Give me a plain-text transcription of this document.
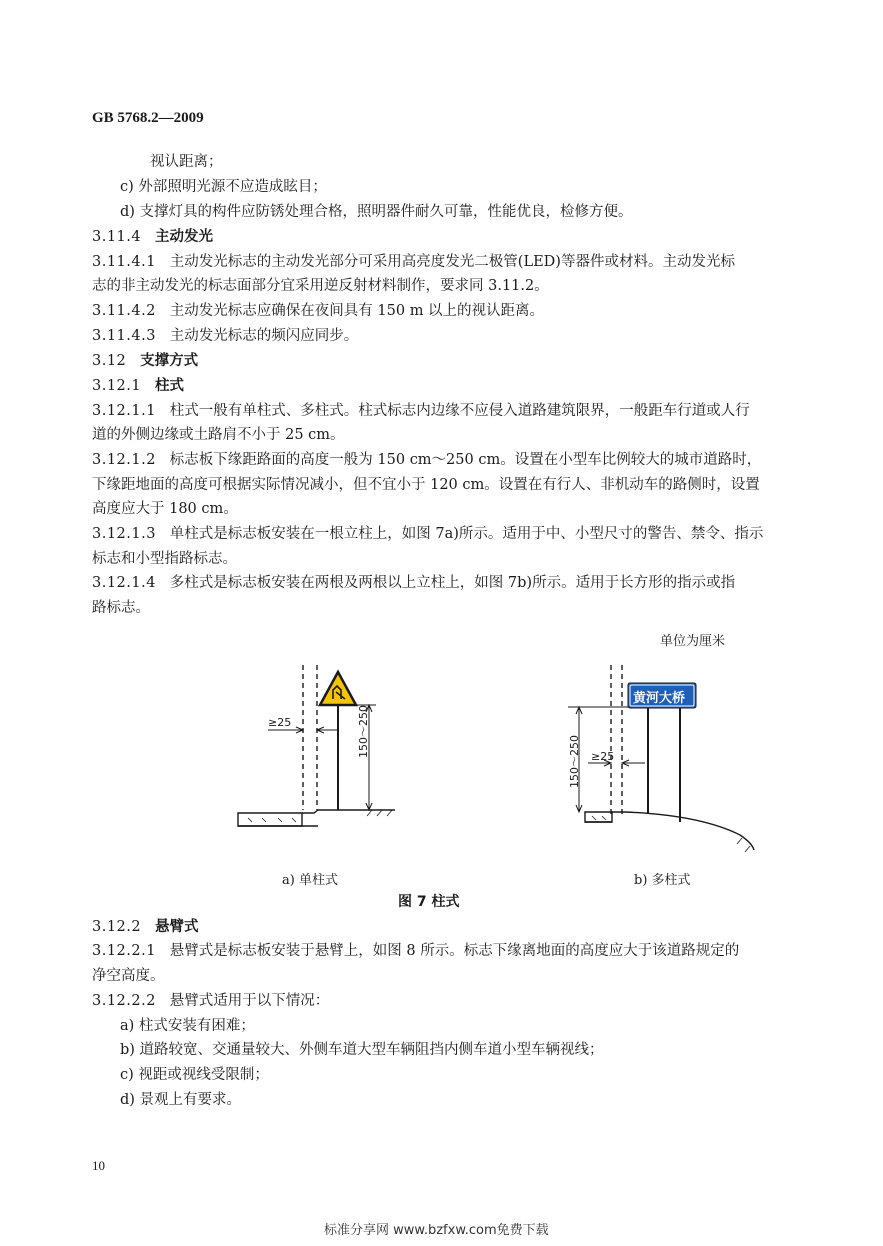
GB 5768.2—2009
视认距离；
c) 外部照明光源不应造成眩目；
d) 支撑灯具的构件应防锈处理合格，照明器件耐久可靠，性能优良，检修方便。
3.11.4 主动发光
3.11.4.1 主动发光标志的主动发光部分可采用高亮度发光二极管(LED)等器件或材料。主动发光标
志的非主动发光的标志面部分宜采用逆反射材料制作，要求同 3.11.2。
3.11.4.2 主动发光标志应确保在夜间具有 150 m 以上的视认距离。
3.11.4.3 主动发光标志的频闪应同步。
3.12 支撑方式
3.12.1 柱式
3.12.1.1 柱式一般有单柱式、多柱式。柱式标志内边缘不应侵入道路建筑限界，一般距车行道或人行
道的外侧边缘或土路肩不小于 25 cm。
3.12.1.2 标志板下缘距路面的高度一般为 150 cm～250 cm。设置在小型车比例较大的城市道路时，
下缘距地面的高度可根据实际情况减小，但不宜小于 120 cm。设置在有行人、非机动车的路侧时，设置
高度应大于 180 cm。
3.12.1.3 单柱式是标志板安装在一根立柱上，如图 7a)所示。适用于中、小型尺寸的警告、禁令、指示
标志和小型指路标志。
3.12.1.4 多柱式是标志板安装在两根及两根以上立柱上，如图 7b)所示。适用于长方形的指示或指
路标志。
单位为厘米
≥25	150～250	≥25
150～250
黄河大桥
a) 单柱式	b) 多柱式
图 7 柱式
3.12.2 悬臂式
3.12.2.1 悬臂式是标志板安装于悬臂上，如图 8 所示。标志下缘离地面的高度应大于该道路规定的
净空高度。
3.12.2.2 悬臂式适用于以下情况：
a) 柱式安装有困难；
b) 道路较宽、交通量较大、外侧车道大型车辆阻挡内侧车道小型车辆视线；
c) 视距或视线受限制；
d) 景观上有要求。
10
标准分享网 www.bzfxw.com免费下载
